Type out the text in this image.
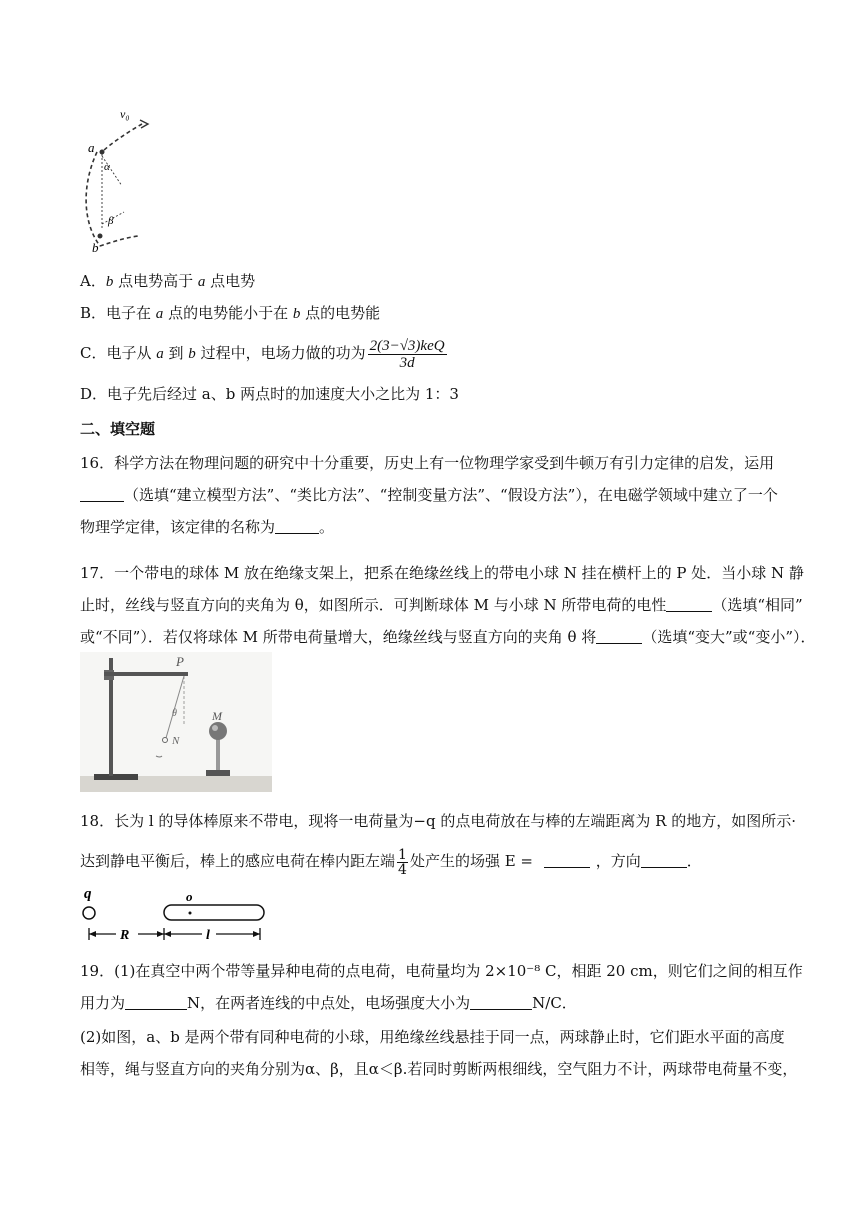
v₀
a
α
β
b
A．b 点电势高于 a 点电势
B．电子在 a 点的电势能小于在 b 点的电势能
C．电子从 a 到 b 过程中，电场力做的功为 $\frac{\text{2(3−√3)keQ}}{3d}$
D．电子先后经过 a、b 两点时的加速度大小之比为 1：3
二、填空题
16．科学方法在物理问题的研究中十分重要，历史上有一位物理学家受到牛顿万有引力定律的启发，运用
（选填“建立模型方法”、“类比方法”、“控制变量方法”、“假设方法”），在电磁学领域中建立了一个
物理学定律，该定律的名称为	。
17．一个带电的球体 M 放在绝缘支架上，把系在绝缘丝线上的带电小球 N 挂在横杆上的 P 处．当小球 N 静
止时，丝线与竖直方向的夹角为 θ，如图所示．可判断球体 M 与小球 N 所带电荷的电性	（选填“相同”
或“不同”）．若仅将球体 M 所带电荷量增大，绝缘丝线与竖直方向的夹角 θ 将	（选填“变大”或“变小”）．
P
θ
N
M
18．长为 l 的导体棒原来不带电，现将一电荷量为−q 的点电荷放在与棒的左端距离为 R 的地方，如图所示·
达到静电平衡后，棒上的感应电荷在棒内距左端 $\frac{1}{4}$ 处产生的场强 E =	，方向	．
q	o
R	l
19．(1)在真空中两个带等量异种电荷的点电荷，电荷量均为 2×10⁻⁸ C，相距 20 cm，则它们之间的相互作
用力为	N，在两者连线的中点处，电场强度大小为	N/C．
(2)如图，a、b 是两个带有同种电荷的小球，用绝缘丝线悬挂于同一点，两球静止时，它们距水平面的高度
相等，绳与竖直方向的夹角分别为α、β，且α＜β.若同时剪断两根细线，空气阻力不计，两球带电荷量不变，
